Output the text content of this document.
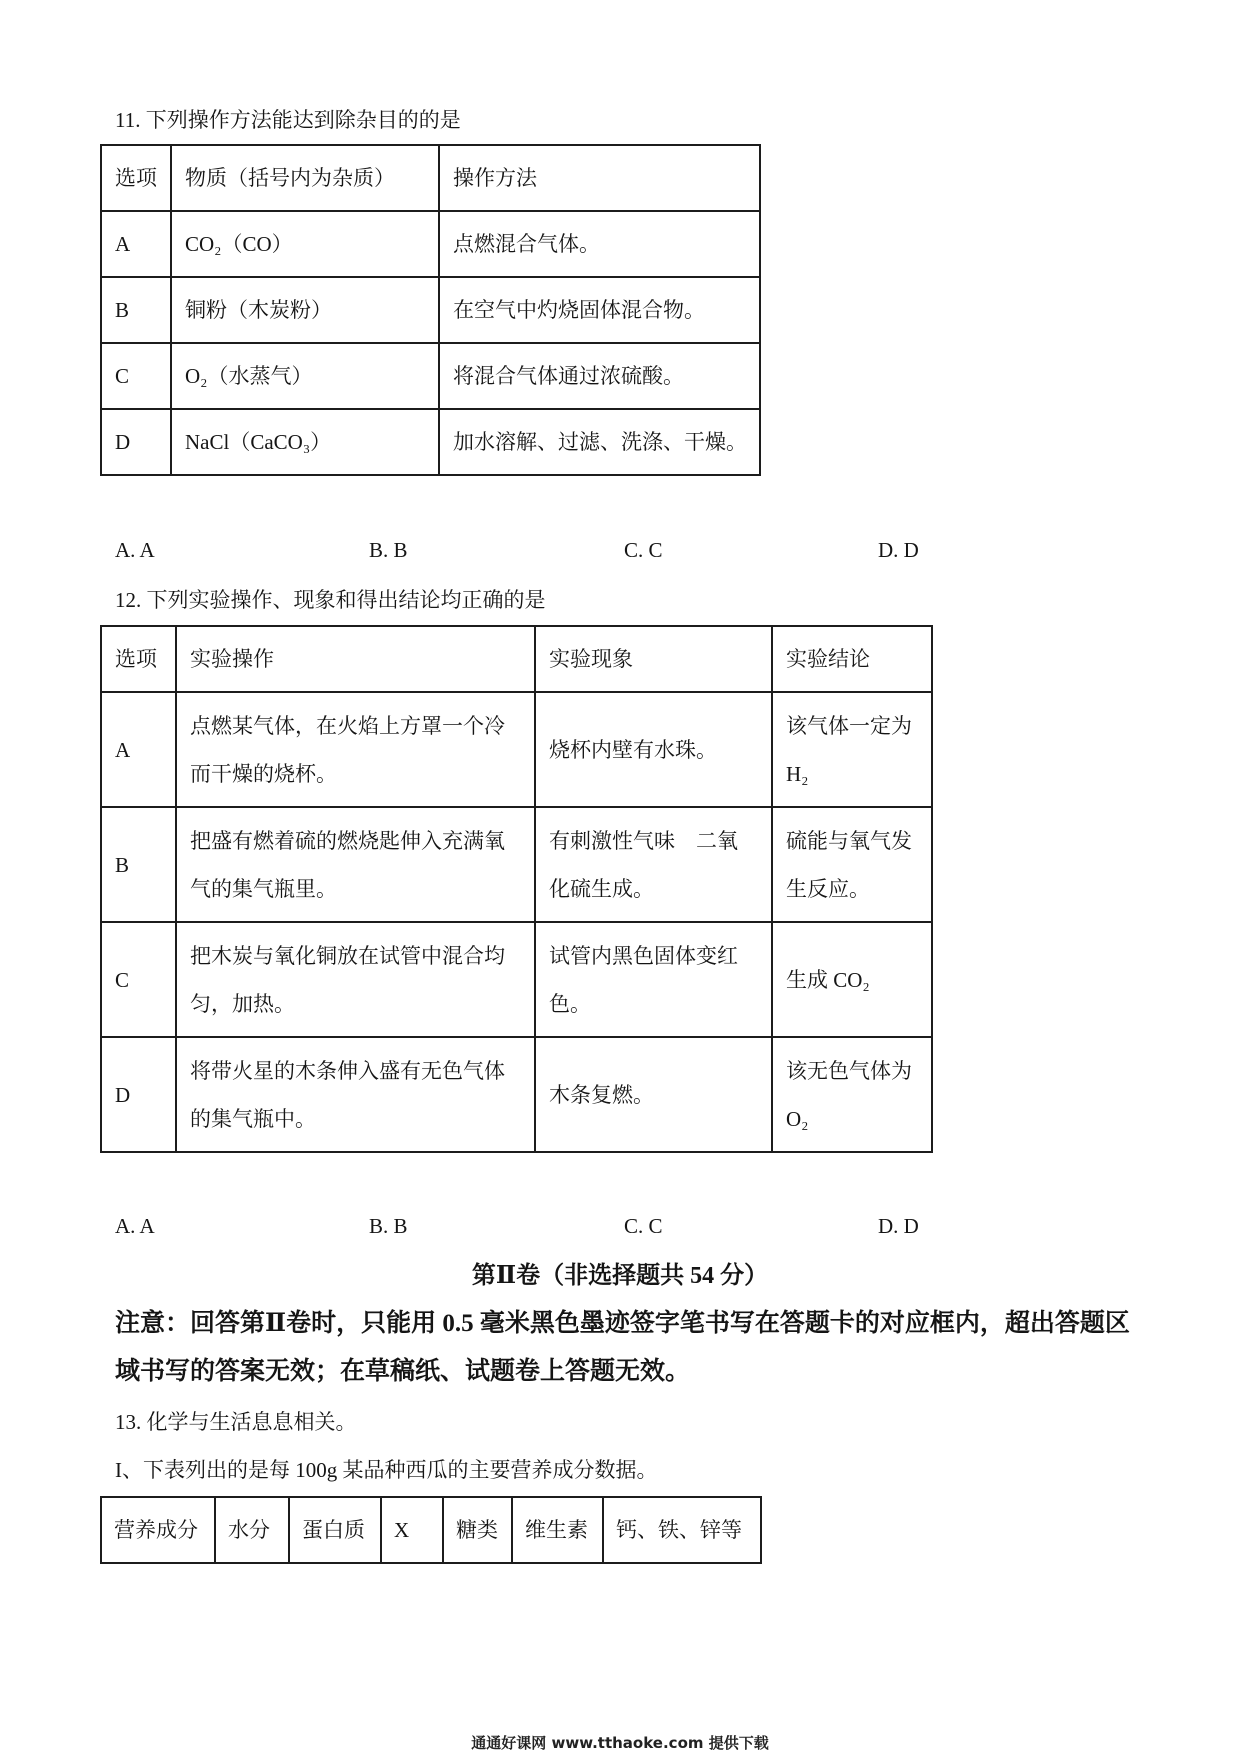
11. 下列操作方法能达到除杂目的的是
选项	物质（括号内为杂质）	操作方法
A	CO₂（CO）	点燃混合气体。
B	铜粉（木炭粉）	在空气中灼烧固体混合物。
C	O₂（水蒸气）	将混合气体通过浓硫酸。
D	NaCl（CaCO₃）	加水溶解、过滤、洗涤、干燥。
A. A	B. B	C. C	D. D
12. 下列实验操作、现象和得出结论均正确的是
选项	实验操作	实验现象	实验结论
A	点燃某气体，在火焰上方罩一个冷而干燥的烧杯。	烧杯内壁有水珠。	该气体一定为H₂
B	把盛有燃着硫的燃烧匙伸入充满氧气的集气瓶里。	有刺激性气味　二氧化硫生成。	硫能与氧气发生反应。
C	把木炭与氧化铜放在试管中混合均匀，加热。	试管内黑色固体变红色。	生成 CO₂
D	将带火星的木条伸入盛有无色气体的集气瓶中。	木条复燃。	该无色气体为O₂
A. A	B. B	C. C	D. D
第Ⅱ卷（非选择题共 54 分）
注意：回答第Ⅱ卷时，只能用 0.5 毫米黑色墨迹签字笔书写在答题卡的对应框内，超出答题区
域书写的答案无效；在草稿纸、试题卷上答题无效。
13. 化学与生活息息相关。
I、下表列出的是每 100g 某品种西瓜的主要营养成分数据。
营养成分	水分	蛋白质	X	糖类	维生素	钙、铁、锌等
通通好课网 www.tthaoke.com 提供下载
